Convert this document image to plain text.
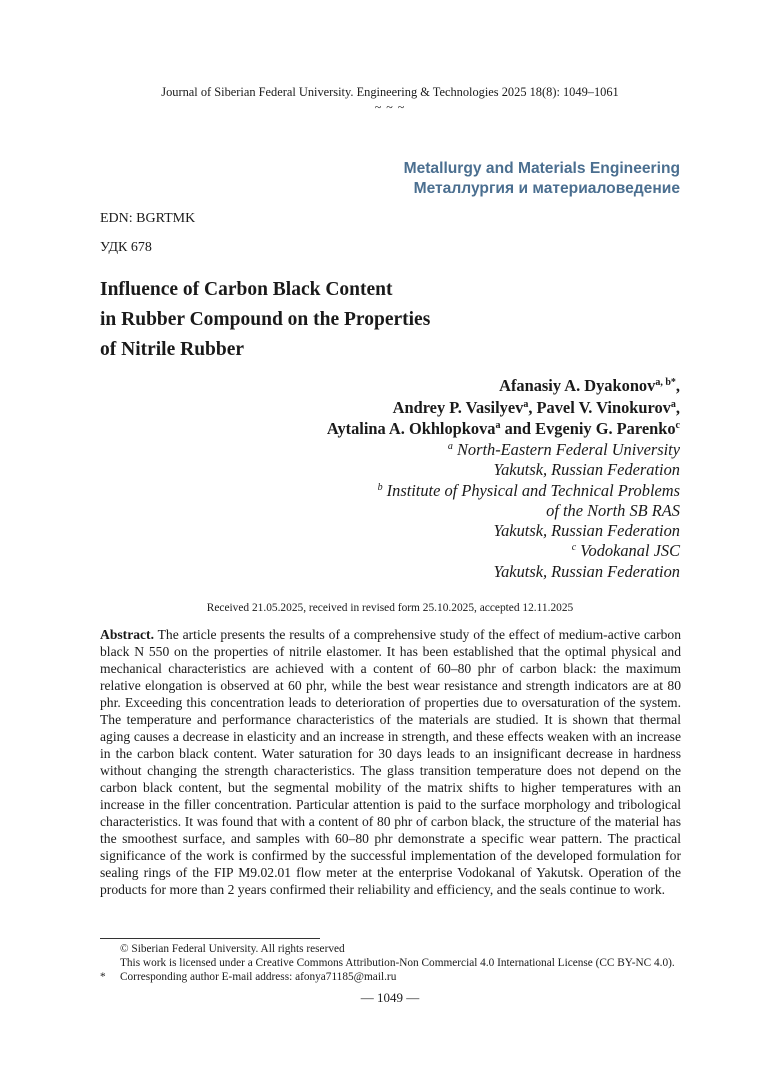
Journal of Siberian Federal University. Engineering & Technologies 2025 18(8): 1049–1061
~ ~ ~
Metallurgy and Materials Engineering
Металлургия и материаловедение
EDN: BGRTMK
УДК 678
Influence of Carbon Black Content
in Rubber Compound on the Properties
of Nitrile Rubber
Afanasiy A. Dyakonov$^{a, b*}$,
Andrey P. Vasilyev$^a$, Pavel V. Vinokurov$^a$,
Aytalina A. Okhlopkova$^a$ and Evgeniy G. Parenko$^c$
$^a$ North-Eastern Federal University
Yakutsk, Russian Federation
$^b$ Institute of Physical and Technical Problems
of the North SB RAS
Yakutsk, Russian Federation
$^c$ Vodokanal JSC
Yakutsk, Russian Federation
Received 21.05.2025, received in revised form 25.10.2025, accepted 12.11.2025
Abstract. The article presents the results of a comprehensive study of the effect of medium-active carbon black N 550 on the properties of nitrile elastomer. It has been established that the optimal physical and mechanical characteristics are achieved with a content of 60–80 phr of carbon black: the maximum relative elongation is observed at 60 phr, while the best wear resistance and strength indicators are at 80 phr. Exceeding this concentration leads to deterioration of properties due to oversaturation of the system. The temperature and performance characteristics of the materials are studied. It is shown that thermal aging causes a decrease in elasticity and an increase in strength, and these effects weaken with an increase in the carbon black content. Water saturation for 30 days leads to an insignificant decrease in hardness without changing the strength characteristics. The glass transition temperature does not depend on the carbon black content, but the segmental mobility of the matrix shifts to higher temperatures with an increase in the filler concentration. Particular attention is paid to the surface morphology and tribological characteristics. It was found that with a content of 80 phr of carbon black, the structure of the material has the smoothest surface, and samples with 60–80 phr demonstrate a specific wear pattern. The practical significance of the work is confirmed by the successful implementation of the developed formulation for sealing rings of the FIP M9.02.01 flow meter at the enterprise Vodokanal of Yakutsk. Operation of the products for more than 2 years confirmed their reliability and efficiency, and the seals continue to work.
© Siberian Federal University. All rights reserved
This work is licensed under a Creative Commons Attribution-Non Commercial 4.0 International License (CC BY-NC 4.0).
* Corresponding author E-mail address: afonya71185@mail.ru
— 1049 —
